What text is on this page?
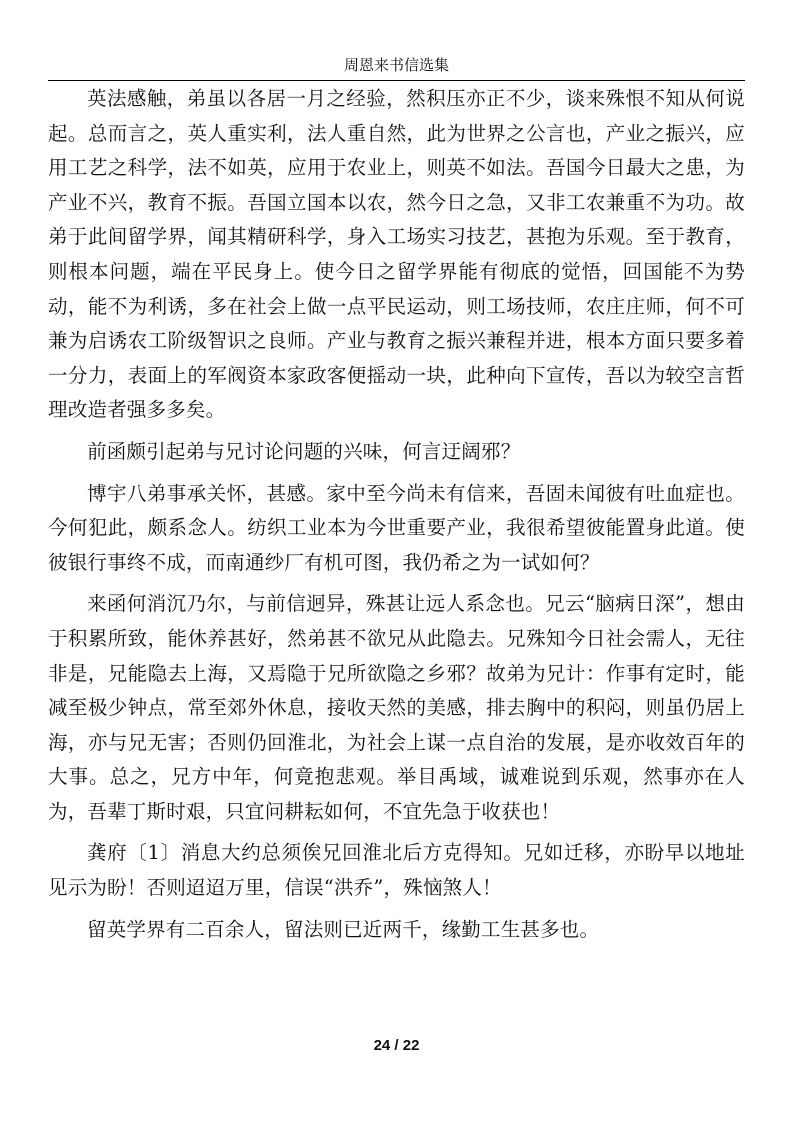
周恩来书信选集

英法感触，弟虽以各居一月之经验，然积压亦正不少，谈来殊恨不知从何说起。总而言之，英人重实利，法人重自然，此为世界之公言也，产业之振兴，应用工艺之科学，法不如英，应用于农业上，则英不如法。吾国今日最大之患，为产业不兴，教育不振。吾国立国本以农，然今日之急，又非工农兼重不为功。故弟于此间留学界，闻其精研科学，身入工场实习技艺，甚抱为乐观。至于教育，则根本问题，端在平民身上。使今日之留学界能有彻底的觉悟，回国能不为势动，能不为利诱，多在社会上做一点平民运动，则工场技师，农庄庄师，何不可兼为启诱农工阶级智识之良师。产业与教育之振兴兼程并进，根本方面只要多着一分力，表面上的军阀资本家政客便摇动一块，此种向下宣传，吾以为较空言哲理改造者强多多矣。

前函颇引起弟与兄讨论问题的兴味，何言迂阔邪？

博宇八弟事承关怀，甚感。家中至今尚未有信来，吾固未闻彼有吐血症也。今何犯此，颇系念人。纺织工业本为今世重要产业，我很希望彼能置身此道。使彼银行事终不成，而南通纱厂有机可图，我仍希之为一试如何？

来函何消沉乃尔，与前信迥异，殊甚让远人系念也。兄云“脑病日深”，想由于积累所致，能休养甚好，然弟甚不欲兄从此隐去。兄殊知今日社会需人，无往非是，兄能隐去上海，又焉隐于兄所欲隐之乡邪？故弟为兄计：作事有定时，能减至极少钟点，常至郊外休息，接收天然的美感，排去胸中的积闷，则虽仍居上海，亦与兄无害；否则仍回淮北，为社会上谋一点自治的发展，是亦收效百年的大事。总之，兄方中年，何竟抱悲观。举目禹域，诚难说到乐观，然事亦在人为，吾辈丁斯时艰，只宜问耕耘如何，不宜先急于收获也！

龚府〔1〕消息大约总须俟兄回淮北后方克得知。兄如迁移，亦盼早以地址见示为盼！否则迢迢万里，信误“洪乔”，殊恼煞人！

留英学界有二百余人，留法则已近两千，缘勤工生甚多也。

24 / 22
